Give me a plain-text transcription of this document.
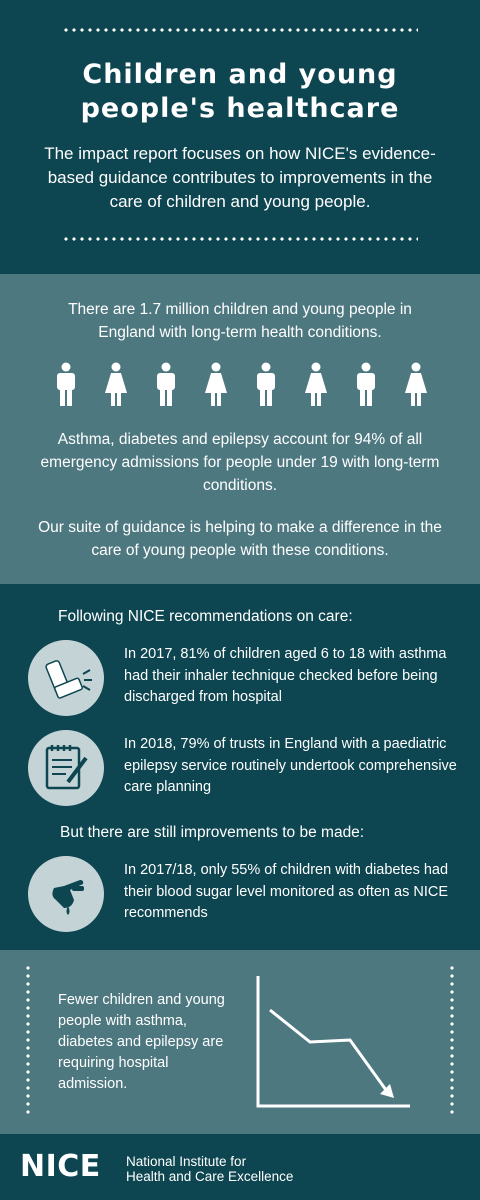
Children and young
people's healthcare

The impact report focuses on how NICE's evidence-based guidance contributes to improvements in the care of children and young people.

There are 1.7 million children and young people in England with long-term health conditions.

Asthma, diabetes and epilepsy account for 94% of all emergency admissions for people under 19 with long-term conditions.

Our suite of guidance is helping to make a difference in the care of young people with these conditions.

Following NICE recommendations on care:

In 2017, 81% of children aged 6 to 18 with asthma had their inhaler technique checked before being discharged from hospital

In 2018, 79% of trusts in England with a paediatric epilepsy service routinely undertook comprehensive care planning

But there are still improvements to be made:

In 2017/18, only 55% of children with diabetes had their blood sugar level monitored as often as NICE recommends

Fewer children and young people with asthma, diabetes and epilepsy are requiring hospital admission.

NICE National Institute for
Health and Care Excellence
